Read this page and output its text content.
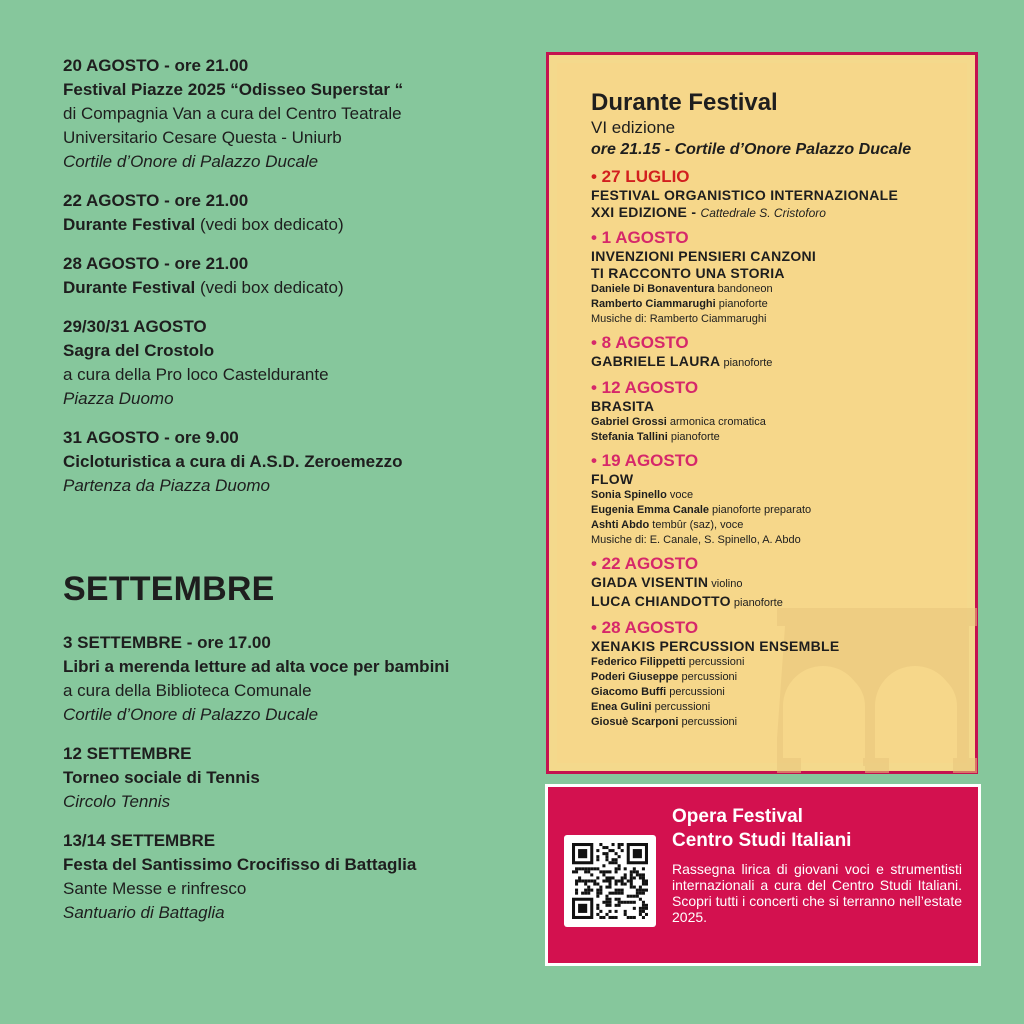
20 AGOSTO - ore 21.00
Festival Piazze 2025 “Odisseo Superstar “
di Compagnia Van a cura del Centro Teatrale
Universitario Cesare Questa - Uniurb
Cortile d’Onore di Palazzo Ducale
22 AGOSTO - ore 21.00
Durante Festival (vedi box dedicato)
28 AGOSTO - ore 21.00
Durante Festival (vedi box dedicato)
29/30/31 AGOSTO
Sagra del Crostolo
a cura della Pro loco Casteldurante
Piazza Duomo
31 AGOSTO - ore 9.00
Cicloturistica a cura di A.S.D. Zeroemezzo
Partenza da Piazza Duomo
SETTEMBRE
3 SETTEMBRE - ore 17.00
Libri a merenda letture ad alta voce per bambini
a cura della Biblioteca Comunale
Cortile d’Onore di Palazzo Ducale
12 SETTEMBRE
Torneo sociale di Tennis
Circolo Tennis
13/14 SETTEMBRE
Festa del Santissimo Crocifisso di Battaglia
Sante Messe e rinfresco
Santuario di Battaglia
Durante Festival
VI edizione
ore 21.15 - Cortile d’Onore Palazzo Ducale
• 27 LUGLIO
FESTIVAL ORGANISTICO INTERNAZIONALE
XXI EDIZIONE - Cattedrale S. Cristoforo
• 1 AGOSTO
INVENZIONI PENSIERI CANZONI
TI RACCONTO UNA STORIA
Daniele Di Bonaventura bandoneon
Ramberto Ciammarughi pianoforte
Musiche di: Ramberto Ciammarughi
• 8 AGOSTO
GABRIELE LAURA pianoforte
• 12 AGOSTO
BRASITA
Gabriel Grossi armonica cromatica
Stefania Tallini pianoforte
• 19 AGOSTO
FLOW
Sonia Spinello voce
Eugenia Emma Canale pianoforte preparato
Ashti Abdo tembûr (saz), voce
Musiche di: E. Canale, S. Spinello, A. Abdo
• 22 AGOSTO
GIADA VISENTIN violino
LUCA CHIANDOTTO pianoforte
• 28 AGOSTO
XENAKIS PERCUSSION ENSEMBLE
Federico Filippetti percussioni
Poderi Giuseppe percussioni
Giacomo Buffi percussioni
Enea Gulini percussioni
Giosuè Scarponi percussioni
Opera Festival
Centro Studi Italiani
Rassegna lirica di giovani voci e strumentisti internazionali a cura del Centro Studi Italiani. Scopri tutti i concerti che si terranno nell’estate 2025.
